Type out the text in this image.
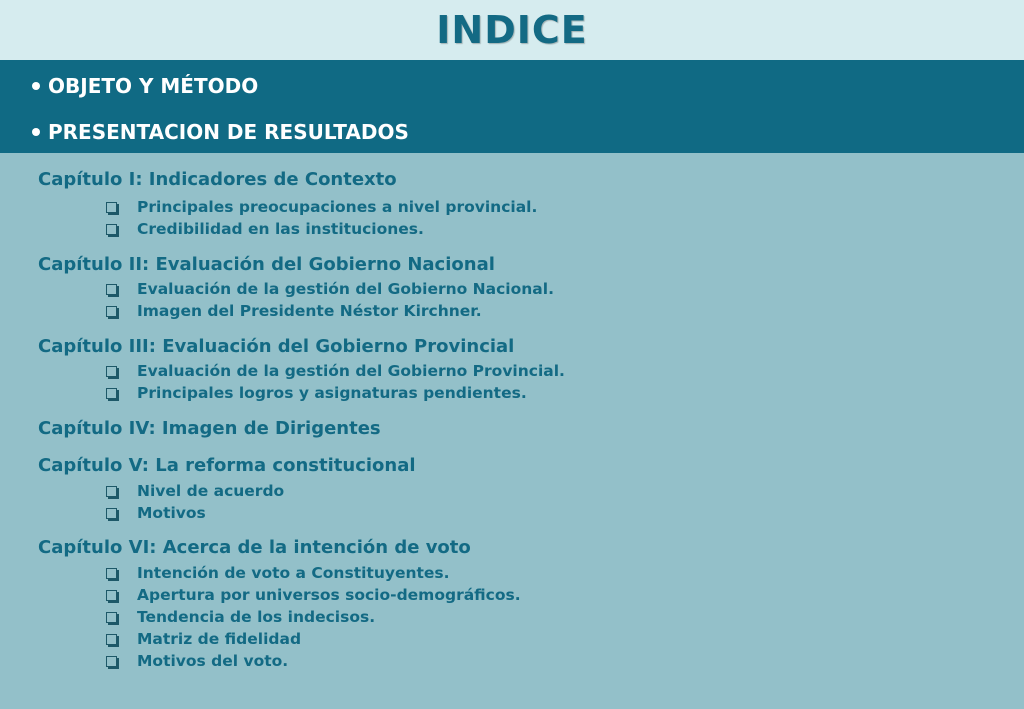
INDICE
OBJETO Y MÉTODO
PRESENTACION DE RESULTADOS
Capítulo I: Indicadores de Contexto
Principales preocupaciones a nivel provincial.
Credibilidad en las instituciones.
Capítulo II: Evaluación del Gobierno Nacional
Evaluación de la gestión del Gobierno Nacional.
Imagen del Presidente Néstor Kirchner.
Capítulo III: Evaluación del Gobierno Provincial
Evaluación de la gestión del Gobierno Provincial.
Principales logros y asignaturas pendientes.
Capítulo IV: Imagen de Dirigentes
Capítulo V: La reforma constitucional
Nivel de acuerdo
Motivos
Capítulo VI: Acerca de la intención de voto
Intención de voto a Constituyentes.
Apertura por universos socio-demográficos.
Tendencia de los indecisos.
Matriz de fidelidad
Motivos del voto.
